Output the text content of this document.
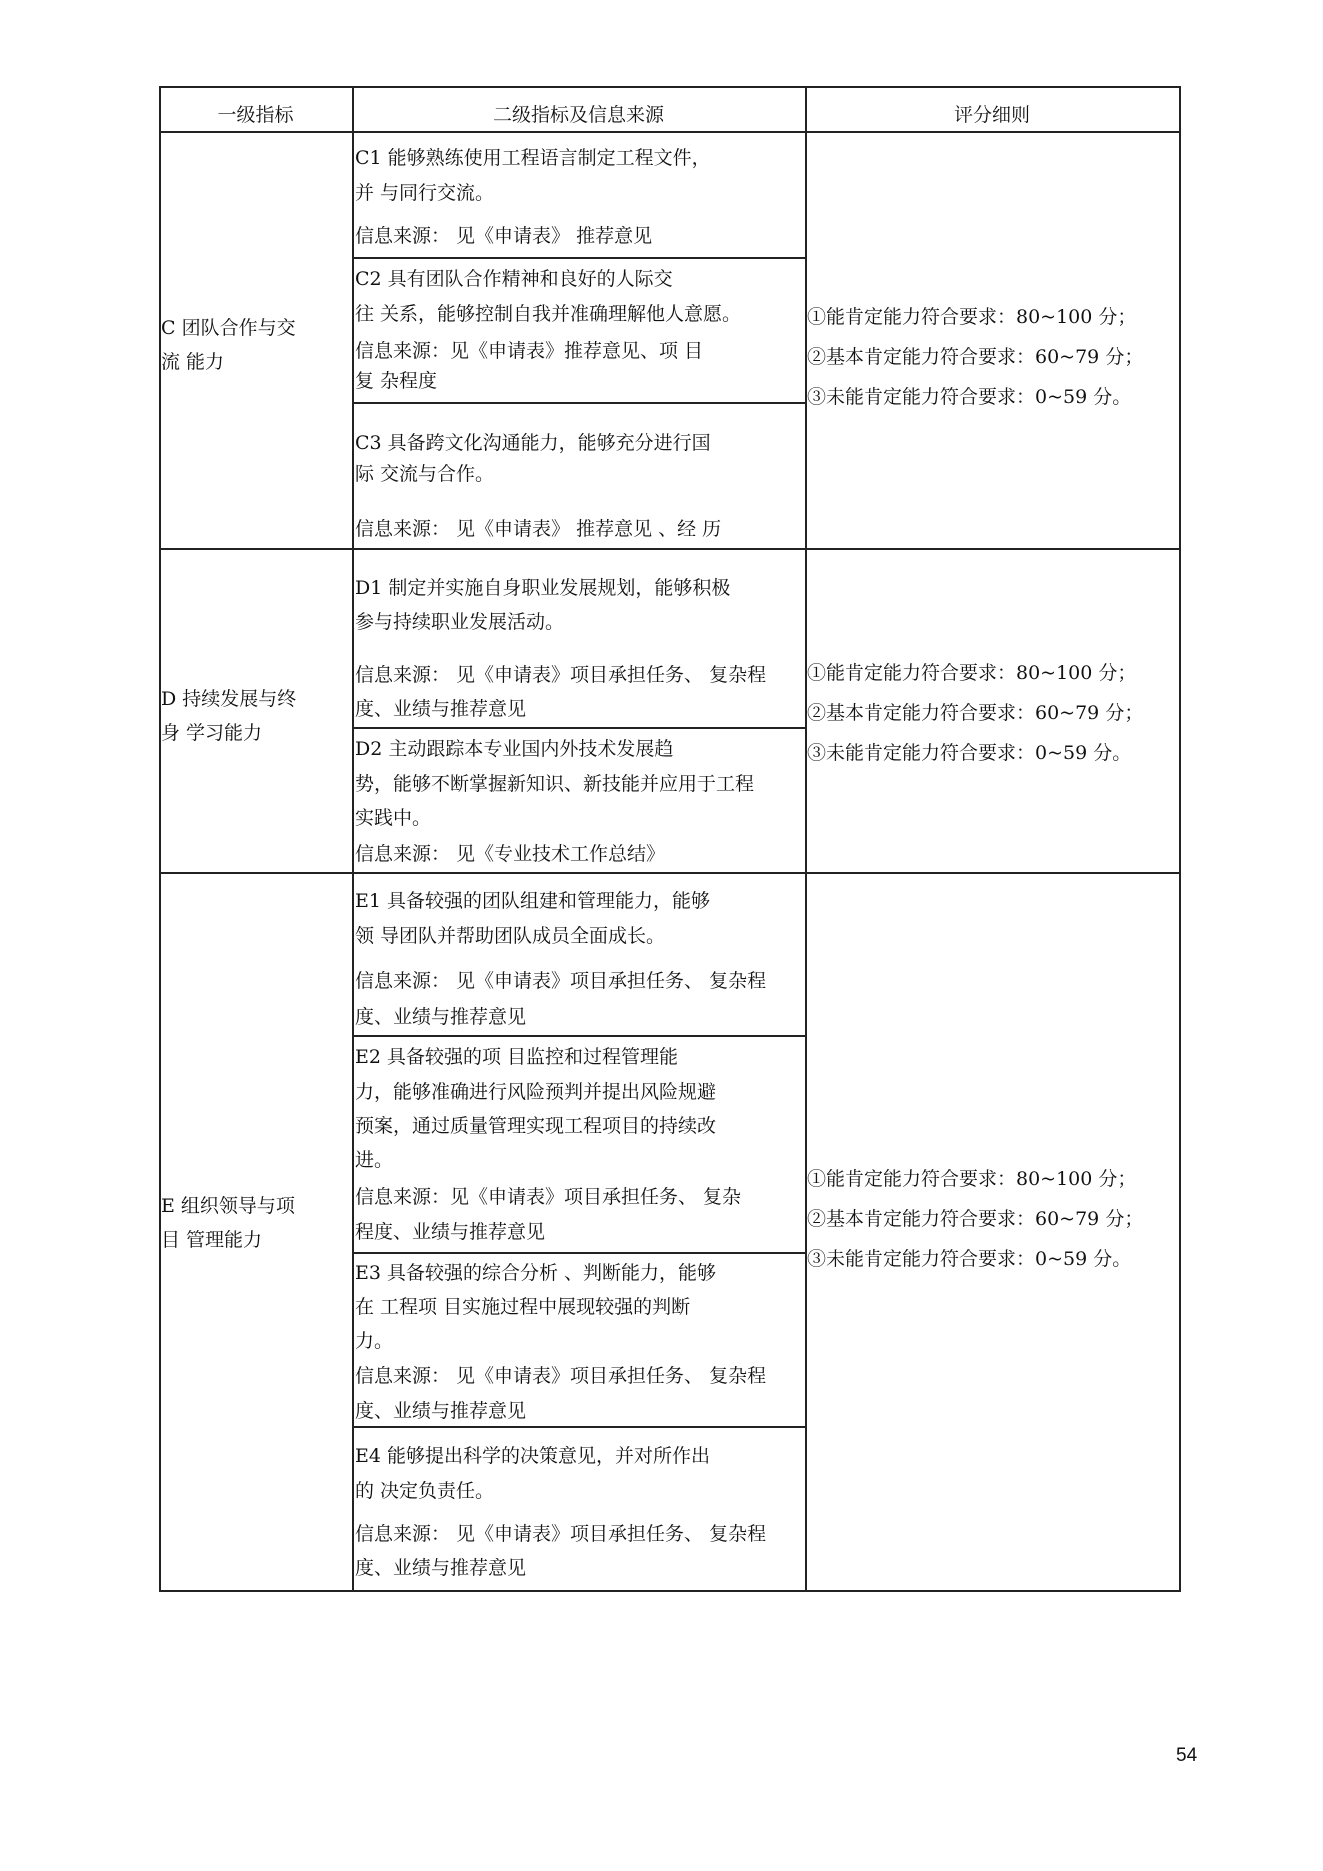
一级指标	二级指标及信息来源	评分细则
C 团队合作与交
流 能力
C1 能够熟练使用工程语言制定工程文件，
并 与同行交流。
信息来源： 见《申请表》 推荐意见
C2 具有团队合作精神和良好的人际交
往 关系，能够控制自我并准确理解他人意愿。
信息来源：见《申请表》推荐意见、项 目
复 杂程度
C3 具备跨文化沟通能力，能够充分进行国
际 交流与合作。
信息来源： 见《申请表》 推荐意见 、经 历
①能肯定能力符合要求：80~100 分；
②基本肯定能力符合要求：60~79 分；
③未能肯定能力符合要求：0~59 分。
D 持续发展与终
身 学习能力
D1 制定并实施自身职业发展规划，能够积极
参与持续职业发展活动。
信息来源： 见《申请表》项目承担任务、 复杂程
度、业绩与推荐意见
D2 主动跟踪本专业国内外技术发展趋
势，能够不断掌握新知识、新技能并应用于工程
实践中。
信息来源： 见《专业技术工作总结》
①能肯定能力符合要求：80~100 分；
②基本肯定能力符合要求：60~79 分；
③未能肯定能力符合要求：0~59 分。
E 组织领导与项
目 管理能力
E1 具备较强的团队组建和管理能力，能够
领 导团队并帮助团队成员全面成长。
信息来源： 见《申请表》项目承担任务、 复杂程
度、业绩与推荐意见
E2 具备较强的项 目监控和过程管理能
力，能够准确进行风险预判并提出风险规避
预案，通过质量管理实现工程项目的持续改
进。
信息来源：见《申请表》项目承担任务、 复杂
程度、业绩与推荐意见
E3 具备较强的综合分析 、判断能力，能够
在 工程项 目实施过程中展现较强的判断
力。
信息来源： 见《申请表》项目承担任务、 复杂程
度、业绩与推荐意见
E4 能够提出科学的决策意见，并对所作出
的 决定负责任。
信息来源： 见《申请表》项目承担任务、 复杂程
度、业绩与推荐意见
①能肯定能力符合要求：80~100 分；
②基本肯定能力符合要求：60~79 分；
③未能肯定能力符合要求：0~59 分。
54
